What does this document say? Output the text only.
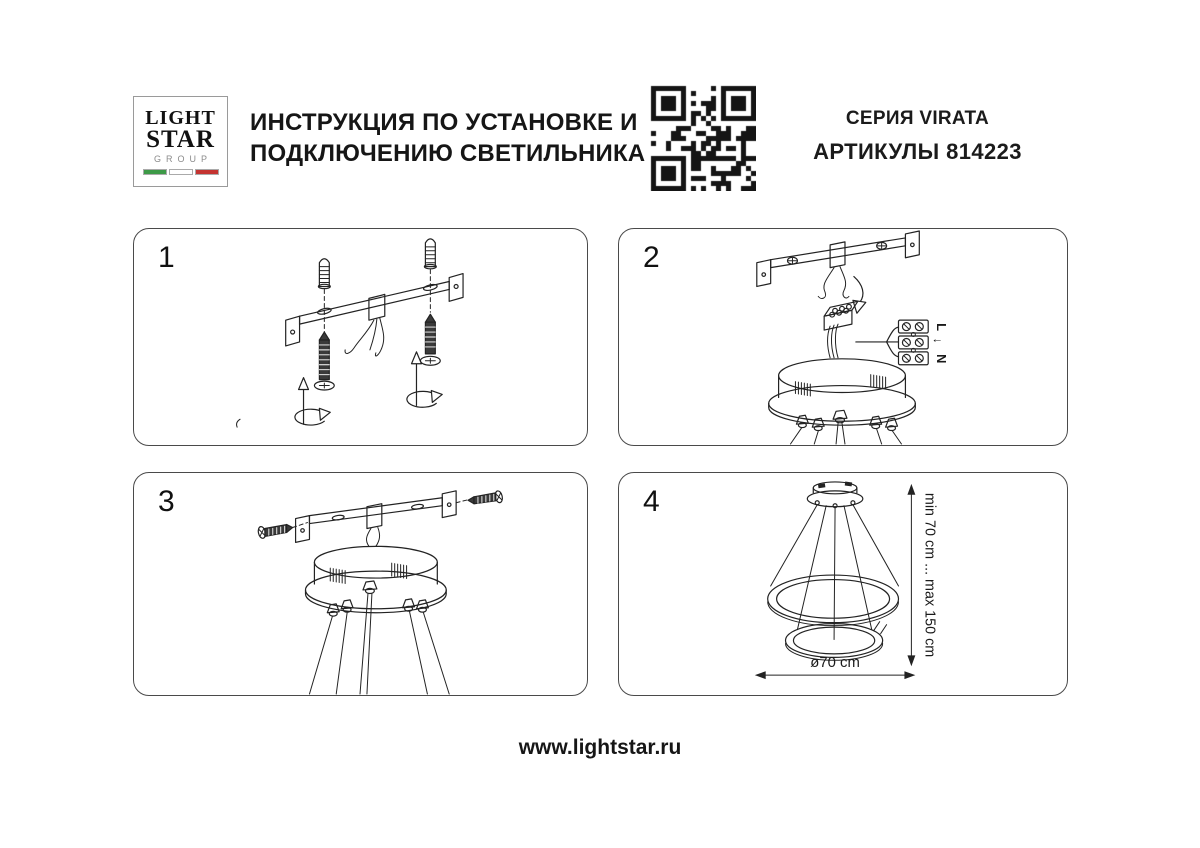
LIGHT
STAR
GROUP
ИНСТРУКЦИЯ ПО УСТАНОВКЕ И
ПОДКЛЮЧЕНИЮ СВЕТИЛЬНИКА
СЕРИЯ VIRATA
АРТИКУЛЫ 814223
1	2
L
←
N
3	4	min 70 cm ... max 150 cm
ø70 cm
www.lightstar.ru
